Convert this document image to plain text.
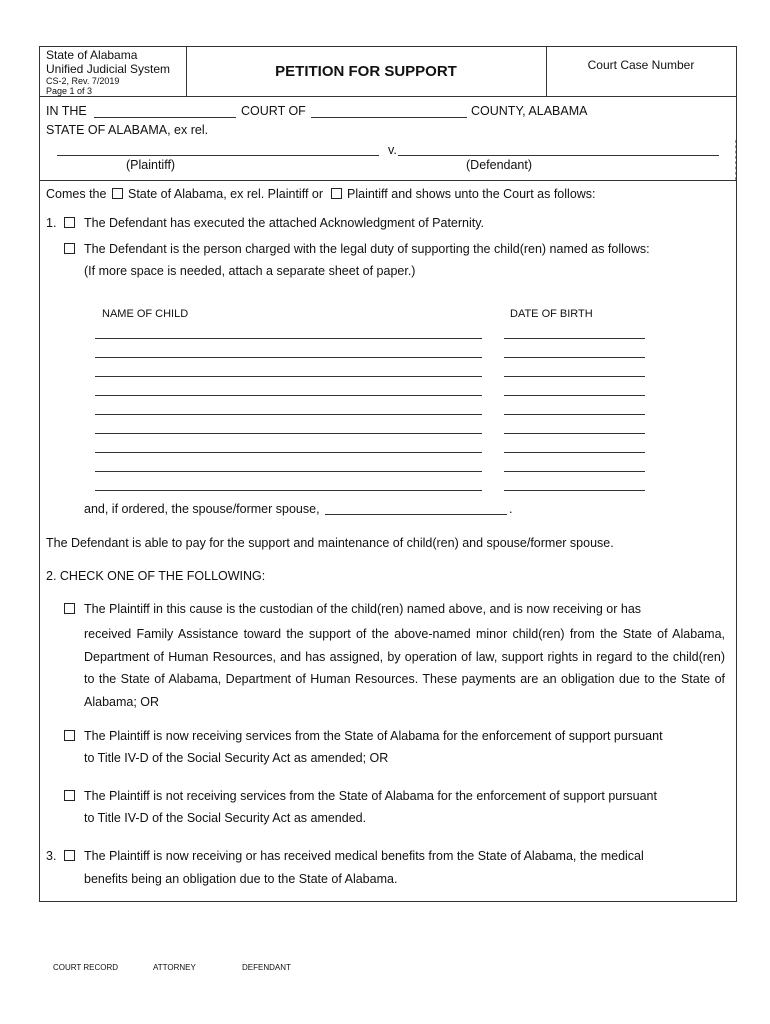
State of Alabama
Unified Judicial System
CS-2, Rev. 7/2019
Page 1 of 3
PETITION FOR SUPPORT	Court Case Number
IN THE	COURT OF	COUNTY, ALABAMA
STATE OF ALABAMA, ex rel.
v.
(Plaintiff)	(Defendant)
Comes the State of Alabama, ex rel. Plaintiff or Plaintiff and shows unto the Court as follows:
1. The Defendant has executed the attached Acknowledgment of Paternity.
The Defendant is the person charged with the legal duty of supporting the child(ren) named as follows:
(If more space is needed, attach a separate sheet of paper.)
NAME OF CHILD	DATE OF BIRTH
and, if ordered, the spouse/former spouse,	.
The Defendant is able to pay for the support and maintenance of child(ren) and spouse/former spouse.
2. CHECK ONE OF THE FOLLOWING:
The Plaintiff in this cause is the custodian of the child(ren) named above, and is now receiving or has
received Family Assistance toward the support of the above-named minor child(ren) from the State of Alabama, Department of Human Resources, and has assigned, by operation of law, support rights in regard to the child(ren) to the State of Alabama, Department of Human Resources. These payments are an obligation due to the State of Alabama; OR
The Plaintiff is now receiving services from the State of Alabama for the enforcement of support pursuant
to Title IV-D of the Social Security Act as amended; OR
The Plaintiff is not receiving services from the State of Alabama for the enforcement of support pursuant
to Title IV-D of the Social Security Act as amended.
3. The Plaintiff is now receiving or has received medical benefits from the State of Alabama, the medical
benefits being an obligation due to the State of Alabama.
COURT RECORD	ATTORNEY	DEFENDANT
